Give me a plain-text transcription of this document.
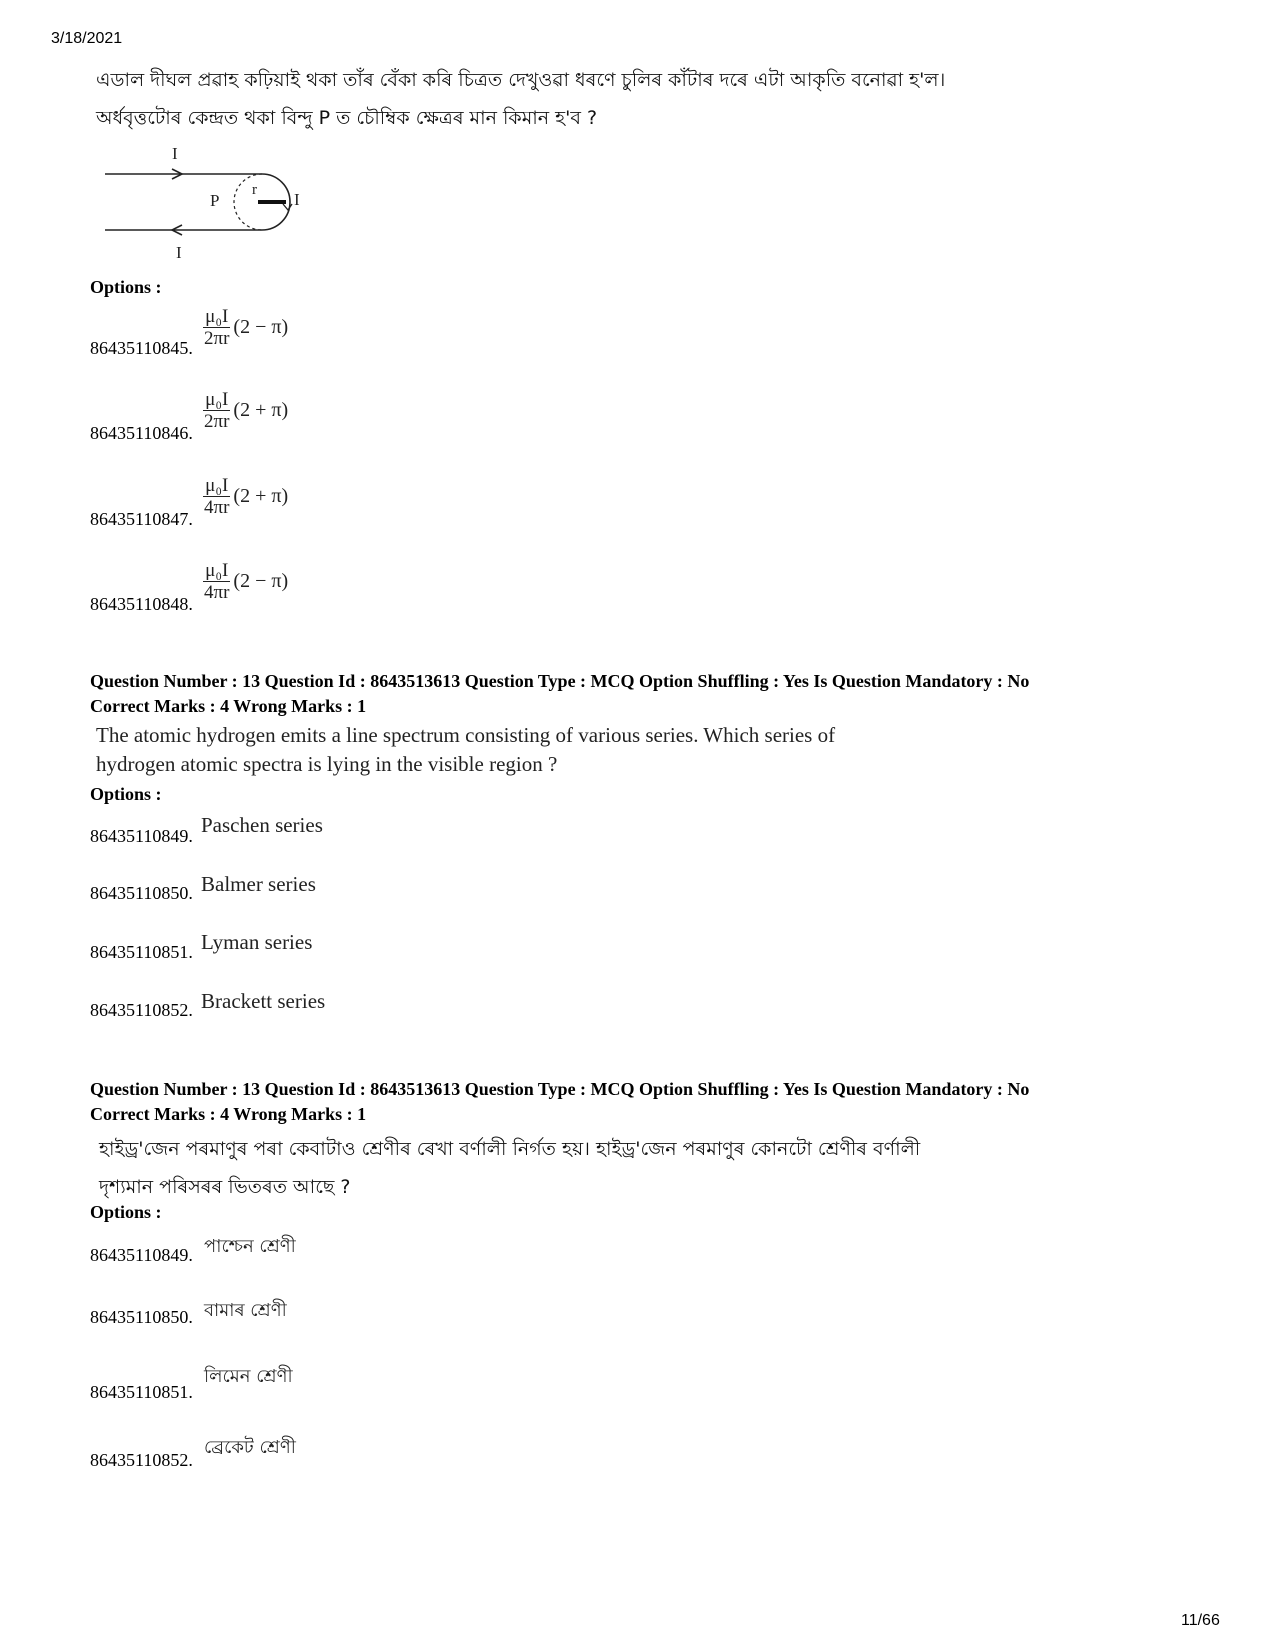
3/18/2021
এডাল দীঘল প্ৰৱাহ কঢ়িয়াই থকা তাঁৰ বেঁকা কৰি চিত্ৰত দেখুওৱা ধৰণে চুলিৰ কাঁটাৰ দৰে এটা আকৃতি বনোৱা হ'ল।
অৰ্ধবৃত্তটোৰ কেন্দ্ৰত থকা বিন্দু P ত চৌম্বিক ক্ষেত্ৰৰ মান কিমান হ'ব ?
I
I
P
r I
Options :
86435110845. $\frac{\text{μ₀I}}{2\pi r} (2 - \pi)$
86435110846.
$\frac{\text{μ₀I}}{2\pi r} (2 + \pi)$
86435110847.
$\frac{\text{μ₀I}}{4\pi r} (2 + \pi)$
86435110848.
$\frac{\text{μ₀I}}{4\pi r} (2 - \pi)$
Question Number : 13 Question Id : 8643513613 Question Type : MCQ Option Shuffling : Yes Is Question Mandatory : No
Correct Marks : 4 Wrong Marks : 1
The atomic hydrogen emits a line spectrum consisting of various series. Which series of
hydrogen atomic spectra is lying in the visible region ?
Options :
86435110849. Paschen series
86435110850. Balmer series
86435110851. Lyman series
86435110852. Brackett series
Question Number : 13 Question Id : 8643513613 Question Type : MCQ Option Shuffling : Yes Is Question Mandatory : No
Correct Marks : 4 Wrong Marks : 1
হাইড্ৰ'জেন পৰমাণুৰ পৰা কেবাটাও শ্ৰেণীৰ ৰেখা বৰ্ণালী নিৰ্গত হয়। হাইড্ৰ'জেন পৰমাণুৰ কোনটো শ্ৰেণীৰ বৰ্ণালী
দৃশ্যমান পৰিসৰৰ ভিতৰত আছে ?
Options :
86435110849. পাশ্চেন শ্ৰেণী
86435110850. বামাৰ শ্ৰেণী
86435110851.
লিমেন শ্ৰেণী
86435110852.
ব্ৰেকেট শ্ৰেণী
11/66
